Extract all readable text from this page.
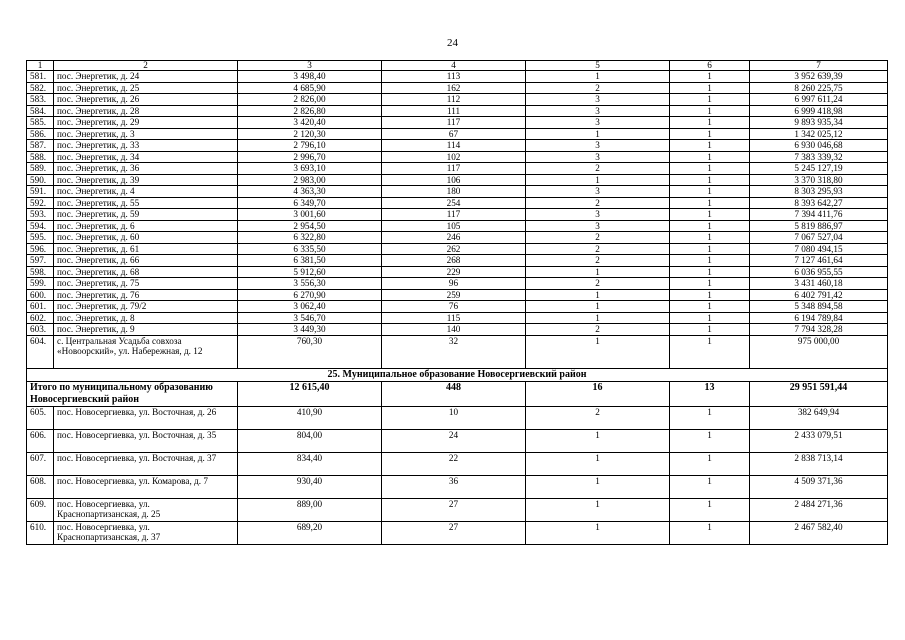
24
1	2	3	4	5	6	7
581.	пос. Энергетик, д. 24	3 498,40	113	1	1	3 952 639,39
582.	пос. Энергетик, д. 25	4 685,90	162	2	1	8 260 225,75
583.	пос. Энергетик, д. 26	2 826,00	112	3	1	6 997 611,24
584.	пос. Энергетик, д. 28	2 826,80	111	3	1	6 999 418,98
585.	пос. Энергетик, д. 29	3 420,40	117	3	1	9 893 935,34
586.	пос. Энергетик, д. 3	2 120,30	67	1	1	1 342 025,12
587.	пос. Энергетик, д. 33	2 796,10	114	3	1	6 930 046,68
588.	пос. Энергетик, д. 34	2 996,70	102	3	1	7 383 339,32
589.	пос. Энергетик, д. 36	3 693,10	117	2	1	5 245 127,19
590.	пос. Энергетик, д. 39	2 983,00	106	1	1	3 370 318,80
591.	пос. Энергетик, д. 4	4 363,30	180	3	1	8 303 295,93
592.	пос. Энергетик, д. 55	6 349,70	254	2	1	8 393 642,27
593.	пос. Энергетик, д. 59	3 001,60	117	3	1	7 394 411,76
594.	пос. Энергетик, д. 6	2 954,50	105	3	1	5 819 886,97
595.	пос. Энергетик, д. 60	6 322,80	246	2	1	7 067 527,04
596.	пос. Энергетик, д. 61	6 335,50	262	2	1	7 080 494,15
597.	пос. Энергетик, д. 66	6 381,50	268	2	1	7 127 461,64
598.	пос. Энергетик, д. 68	5 912,60	229	1	1	6 036 955,55
599.	пос. Энергетик, д. 75	3 556,30	96	2	1	3 431 460,18
600.	пос. Энергетик, д. 76	6 270,90	259	1	1	6 402 791,42
601.	пос. Энергетик, д. 79/2	3 062,40	76	1	1	5 348 894,58
602.	пос. Энергетик, д. 8	3 546,70	115	1	1	6 194 789,84
603.	пос. Энергетик, д. 9	3 449,30	140	2	1	7 794 328,28
604.	с. Центральная Усадьба совхоза «Новоорский», ул. Набережная, д. 12	760,30	32	1	1	975 000,00
25. Муниципальное образование Новосергиевский район						
Итого по муниципальному образованию Новосергиевский район		12 615,40	448	16	13	29 951 591,44
605.	пос. Новосергиевка, ул. Восточная, д. 26	410,90	10	2	1	382 649,94
606.	пос. Новосергиевка, ул. Восточная, д. 35	804,00	24	1	1	2 433 079,51
607.	пос. Новосергиевка, ул. Восточная, д. 37	834,40	22	1	1	2 838 713,14
608.	пос. Новосергиевка, ул. Комарова, д. 7	930,40	36	1	1	4 509 371,36
609.	пос. Новосергиевка, ул. Краснопартизанская, д. 25	889,00	27	1	1	2 484 271,36
610.	пос. Новосергиевка, ул. Краснопартизанская, д. 37	689,20	27	1	1	2 467 582,40
